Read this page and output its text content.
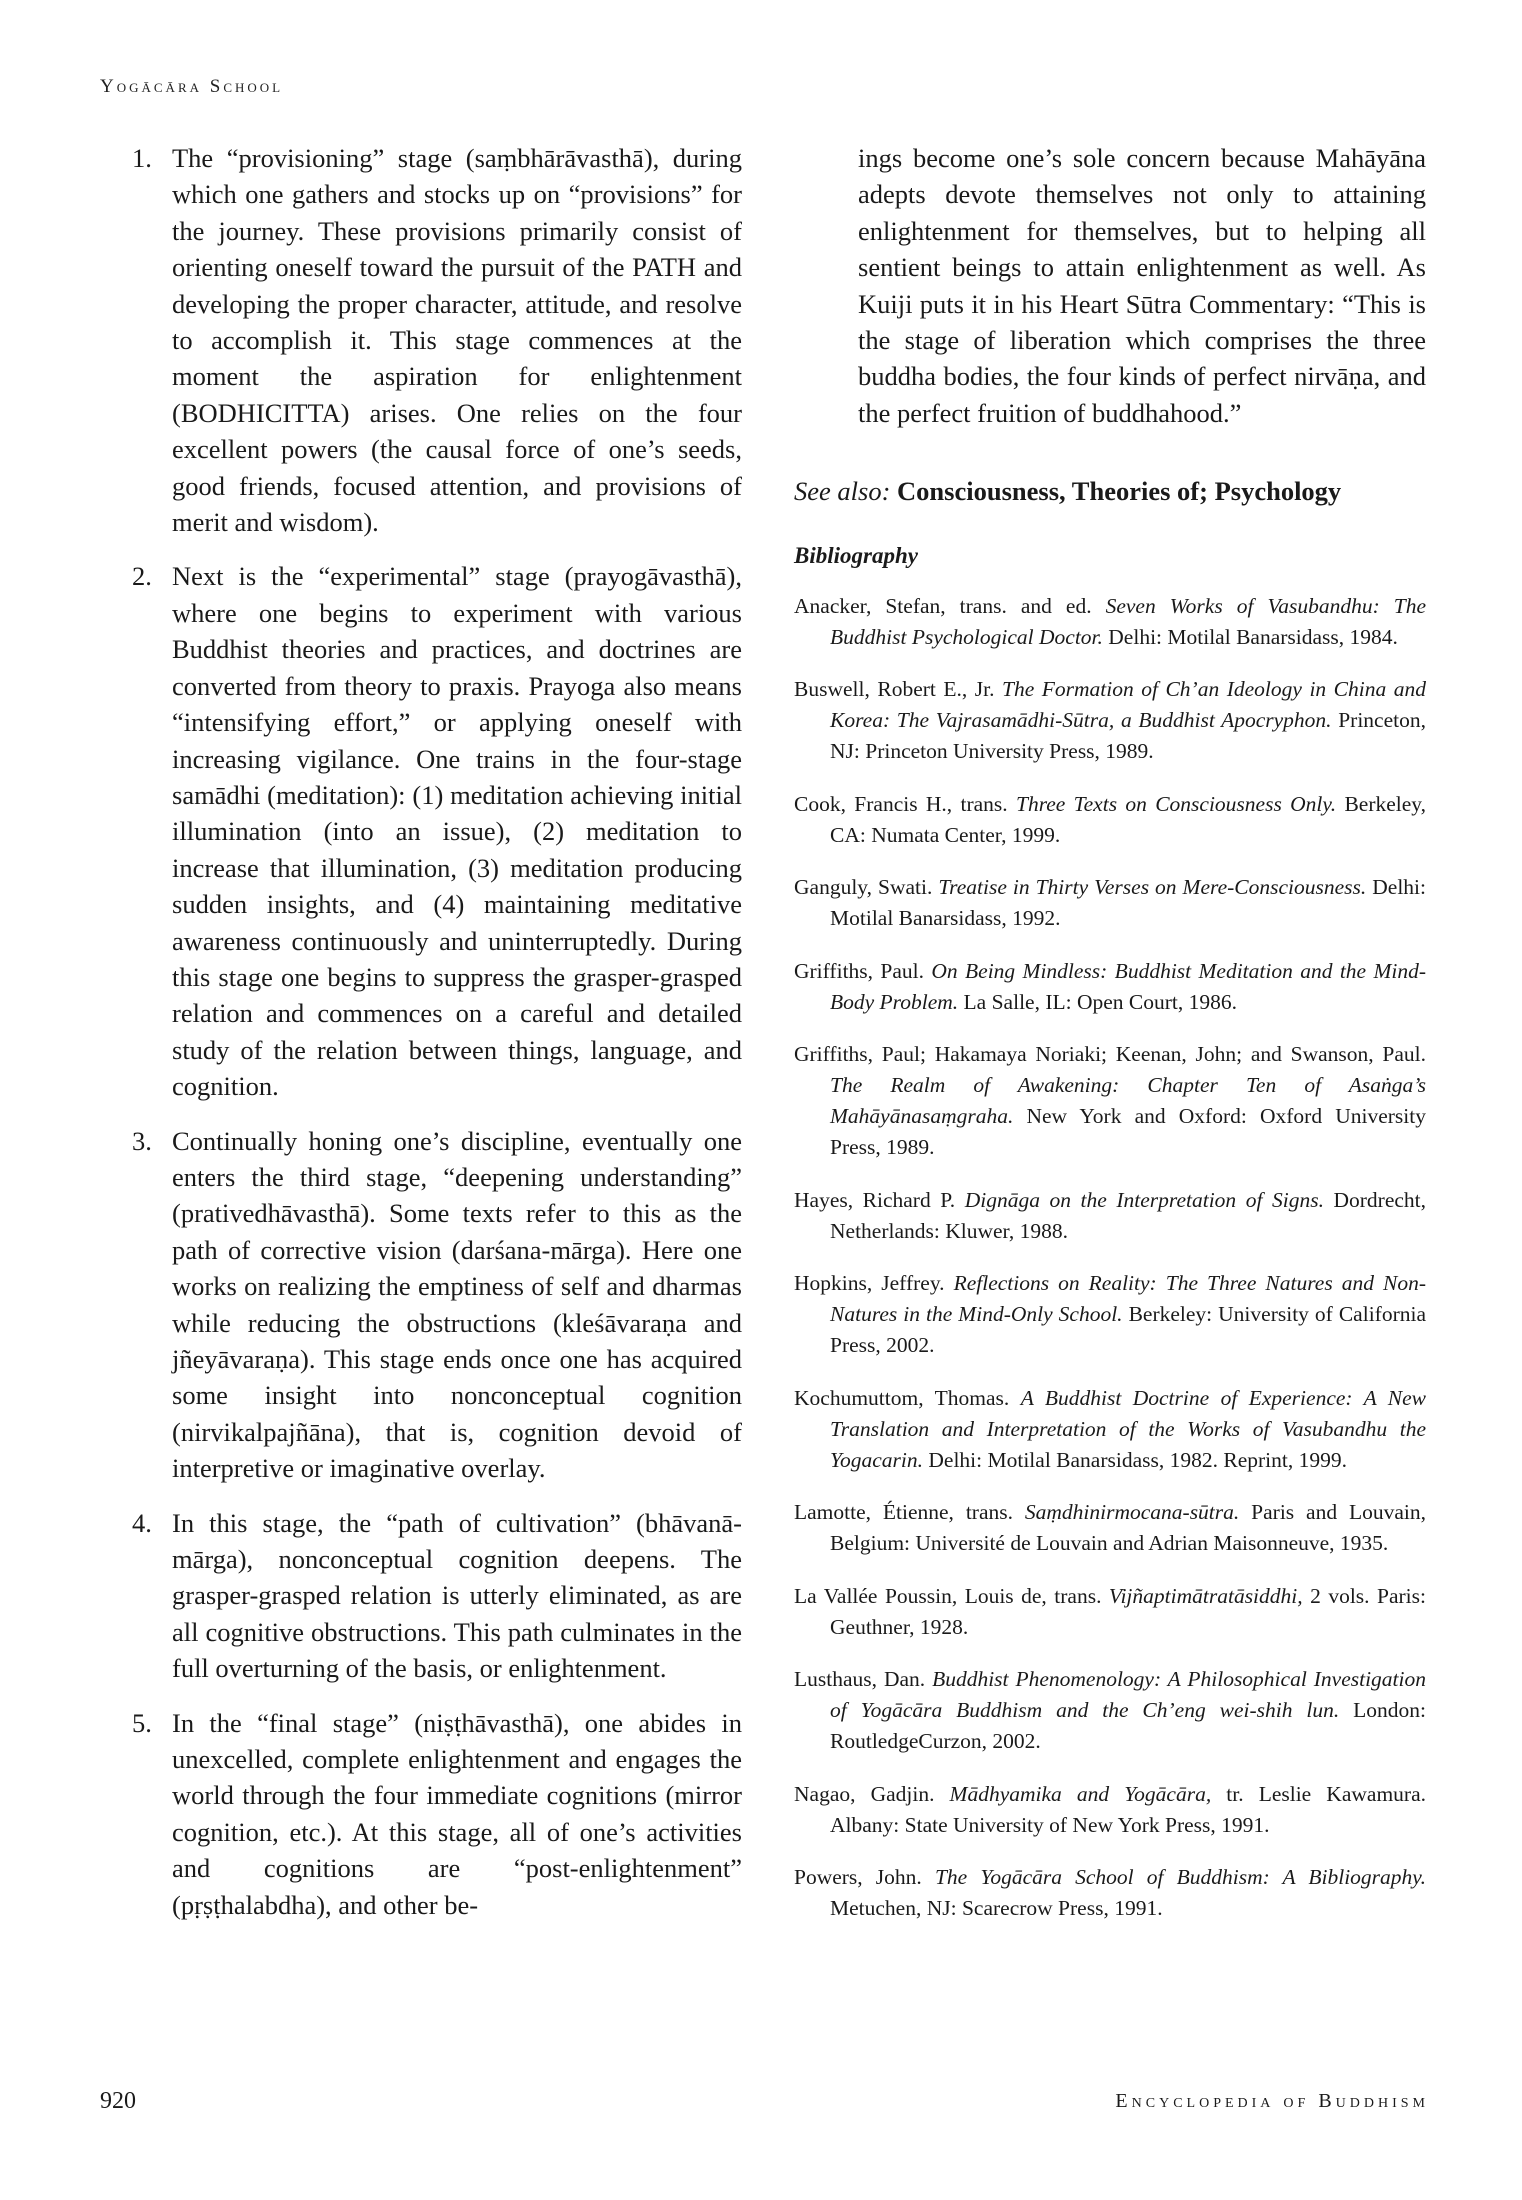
Yogācāra School
1. The “provisioning” stage (saṃbhārāvasthā), during which one gathers and stocks up on “provisions” for the journey. These provisions primarily consist of orienting oneself toward the pursuit of the PATH and developing the proper character, attitude, and resolve to accomplish it. This stage commences at the moment the aspiration for enlightenment (BODHICITTA) arises. One relies on the four excellent powers (the causal force of one’s seeds, good friends, focused attention, and provisions of merit and wisdom).
2. Next is the “experimental” stage (prayogāvasthā), where one begins to experiment with various Buddhist theories and practices, and doctrines are converted from theory to praxis. Prayoga also means “intensifying effort,” or applying oneself with increasing vigilance. One trains in the four-stage samādhi (meditation): (1) meditation achieving initial illumination (into an issue), (2) meditation to increase that illumination, (3) meditation producing sudden insights, and (4) maintaining meditative awareness continuously and uninterruptedly. During this stage one begins to suppress the grasper-grasped relation and commences on a careful and detailed study of the relation between things, language, and cognition.
3. Continually honing one’s discipline, eventually one enters the third stage, “deepening understanding” (prativedhāvasthā). Some texts refer to this as the path of corrective vision (darśana-mārga). Here one works on realizing the emptiness of self and dharmas while reducing the obstructions (kleśāvaraṇa and jñeyāvaraṇa). This stage ends once one has acquired some insight into nonconceptual cognition (nirvikalpajñāna), that is, cognition devoid of interpretive or imaginative overlay.
4. In this stage, the “path of cultivation” (bhāvanā-mārga), nonconceptual cognition deepens. The grasper-grasped relation is utterly eliminated, as are all cognitive obstructions. This path culminates in the full overturning of the basis, or enlightenment.
5. In the “final stage” (niṣṭhāvasthā), one abides in unexcelled, complete enlightenment and engages the world through the four immediate cognitions (mirror cognition, etc.). At this stage, all of one’s activities and cognitions are “post-enlightenment” (pṛṣṭhalabdha), and other be-

ings become one’s sole concern because Mahāyāna adepts devote themselves not only to attaining enlightenment for themselves, but to helping all sentient beings to attain enlightenment as well. As Kuiji puts it in his Heart Sūtra Commentary: “This is the stage of liberation which comprises the three buddha bodies, the four kinds of perfect nirvāṇa, and the perfect fruition of buddhahood.”

See also: Consciousness, Theories of; Psychology

Bibliography

Anacker, Stefan, trans. and ed. Seven Works of Vasubandhu: The Buddhist Psychological Doctor. Delhi: Motilal Banarsidass, 1984.

Buswell, Robert E., Jr. The Formation of Ch’an Ideology in China and Korea: The Vajrasamādhi-Sūtra, a Buddhist Apocryphon. Princeton, NJ: Princeton University Press, 1989.

Cook, Francis H., trans. Three Texts on Consciousness Only. Berkeley, CA: Numata Center, 1999.

Ganguly, Swati. Treatise in Thirty Verses on Mere-Consciousness. Delhi: Motilal Banarsidass, 1992.

Griffiths, Paul. On Being Mindless: Buddhist Meditation and the Mind-Body Problem. La Salle, IL: Open Court, 1986.

Griffiths, Paul; Hakamaya Noriaki; Keenan, John; and Swanson, Paul. The Realm of Awakening: Chapter Ten of Asaṅga’s Mahāyānasaṃgraha. New York and Oxford: Oxford University Press, 1989.

Hayes, Richard P. Dignāga on the Interpretation of Signs. Dordrecht, Netherlands: Kluwer, 1988.

Hopkins, Jeffrey. Reflections on Reality: The Three Natures and Non-Natures in the Mind-Only School. Berkeley: University of California Press, 2002.

Kochumuttom, Thomas. A Buddhist Doctrine of Experience: A New Translation and Interpretation of the Works of Vasubandhu the Yogacarin. Delhi: Motilal Banarsidass, 1982. Reprint, 1999.

Lamotte, Étienne, trans. Saṃdhinirmocana-sūtra. Paris and Louvain, Belgium: Université de Louvain and Adrian Maisonneuve, 1935.

La Vallée Poussin, Louis de, trans. Vijñaptimātratāsiddhi, 2 vols. Paris: Geuthner, 1928.

Lusthaus, Dan. Buddhist Phenomenology: A Philosophical Investigation of Yogācāra Buddhism and the Ch’eng wei-shih lun. London: RoutledgeCurzon, 2002.

Nagao, Gadjin. Mādhyamika and Yogācāra, tr. Leslie Kawamura. Albany: State University of New York Press, 1991.

Powers, John. The Yogācāra School of Buddhism: A Bibliography. Metuchen, NJ: Scarecrow Press, 1991.

920	Encyclopedia of Buddhism
